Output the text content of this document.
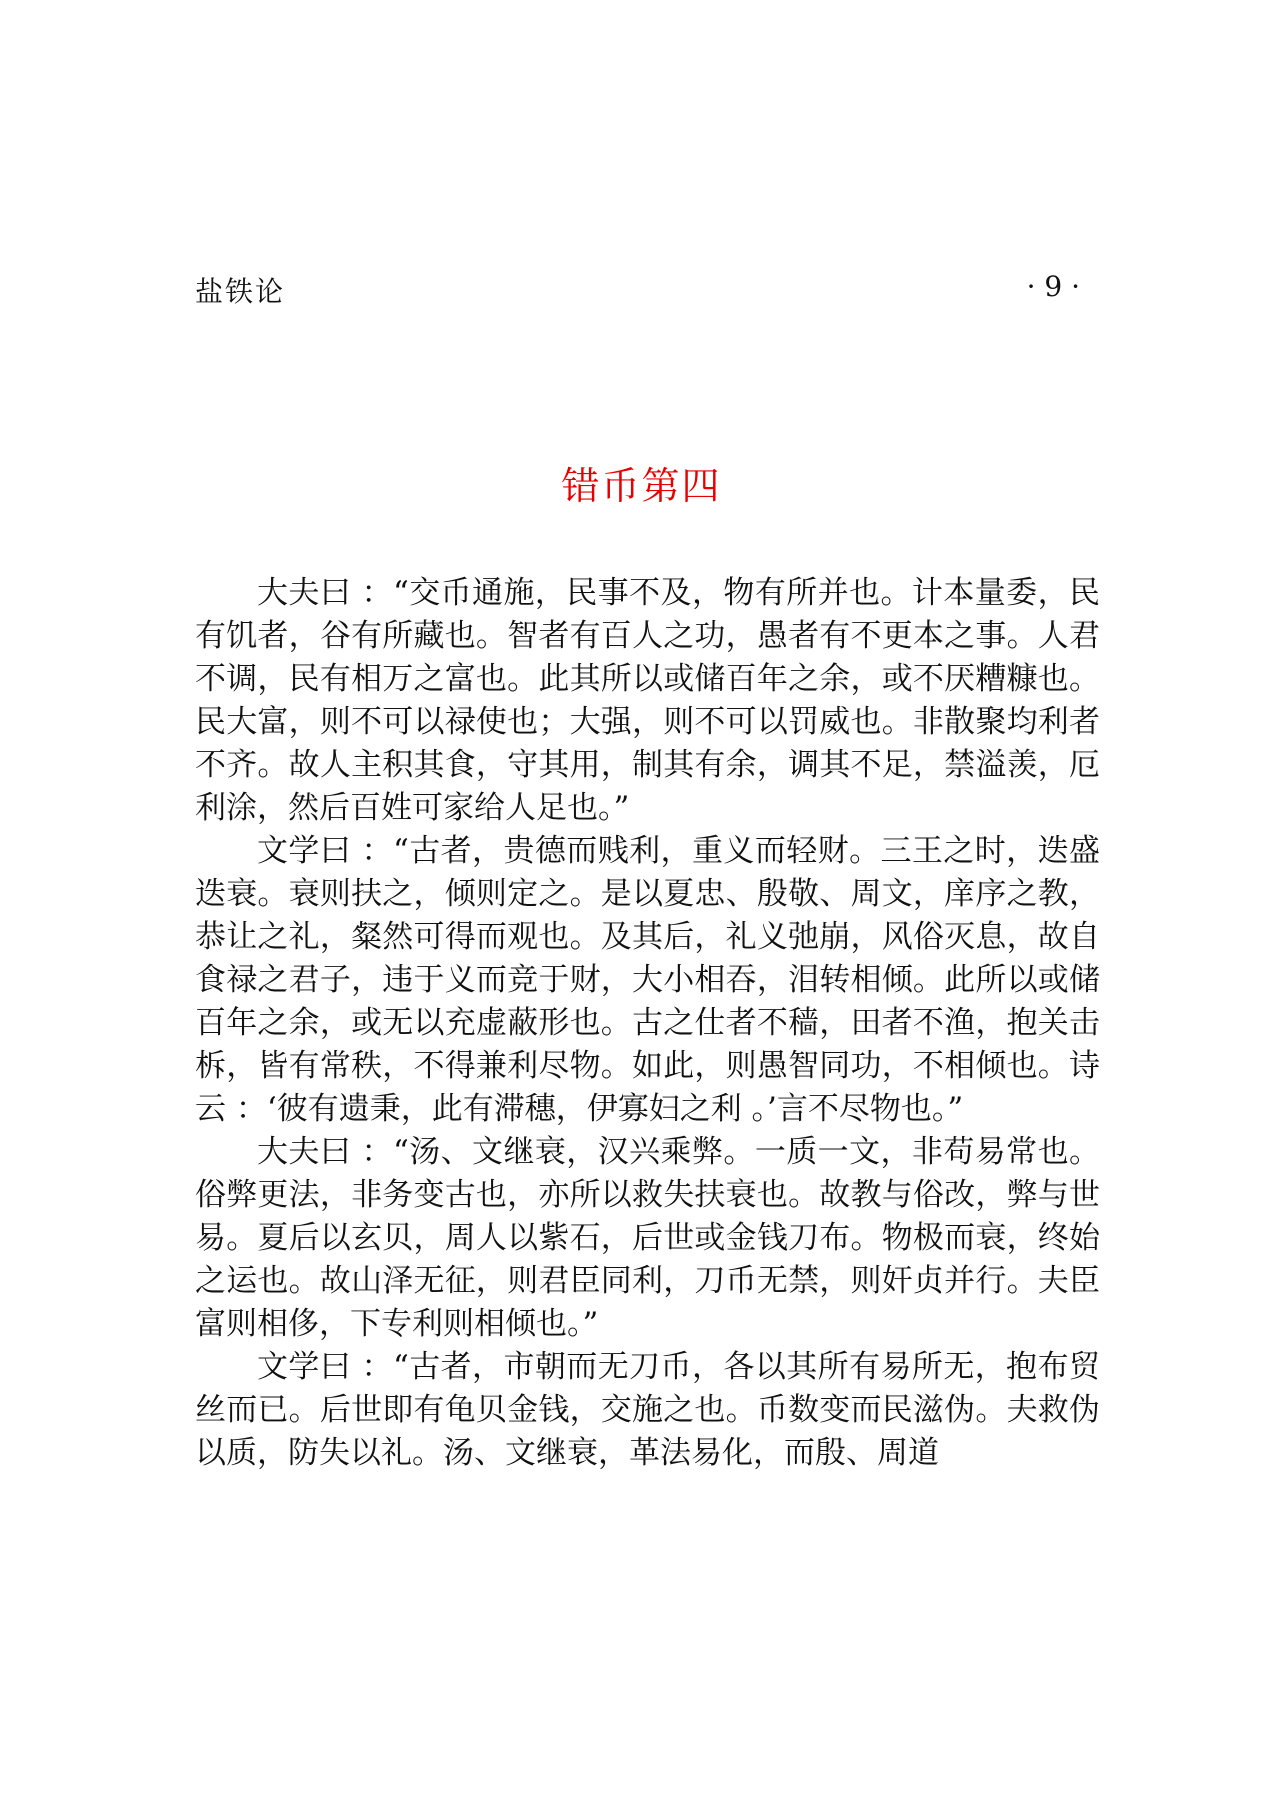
盐铁论	· 9 ·
错币第四

大夫曰 ：“交币通施，民事不及，物有所并也。计本量委，民有饥者，谷有所藏也。智者有百人之功，愚者有不更本之事。人君不调，民有相万之富也。此其所以或储百年之余，或不厌糟糠也。民大富，则不可以禄使也；大强，则不可以罚威也。非散聚均利者不齐。故人主积其食，守其用，制其有余，调其不足，禁溢羡，厄利涂，然后百姓可家给人足也。”

文学曰 ：“古者，贵德而贱利，重义而轻财。三王之时，迭盛迭衰。衰则扶之，倾则定之。是以夏忠、殷敬、周文，庠序之教，恭让之礼，粲然可得而观也。及其后，礼义弛崩，风俗灭息，故自食禄之君子，违于义而竞于财，大小相吞，泪转相倾。此所以或储百年之余，或无以充虚蔽形也。古之仕者不穑，田者不渔，抱关击柝，皆有常秩，不得兼利尽物。如此，则愚智同功，不相倾也。诗云 ：‘彼有遗秉，此有滞穗，伊寡妇之利 。’言不尽物也。”

大夫曰 ：“汤、文继衰，汉兴乘弊。一质一文，非苟易常也。俗弊更法，非务变古也，亦所以救失扶衰也。故教与俗改，弊与世易。夏后以玄贝，周人以紫石，后世或金钱刀布。物极而衰，终始之运也。故山泽无征，则君臣同利，刀币无禁，则奸贞并行。夫臣富则相侈，下专利则相倾也。”

文学曰 ：“古者，市朝而无刀币，各以其所有易所无，抱布贸丝而已。后世即有龟贝金钱，交施之也。币数变而民滋伪。夫救伪以质，防失以礼。汤、文继衰，革法易化，而殷、周道
